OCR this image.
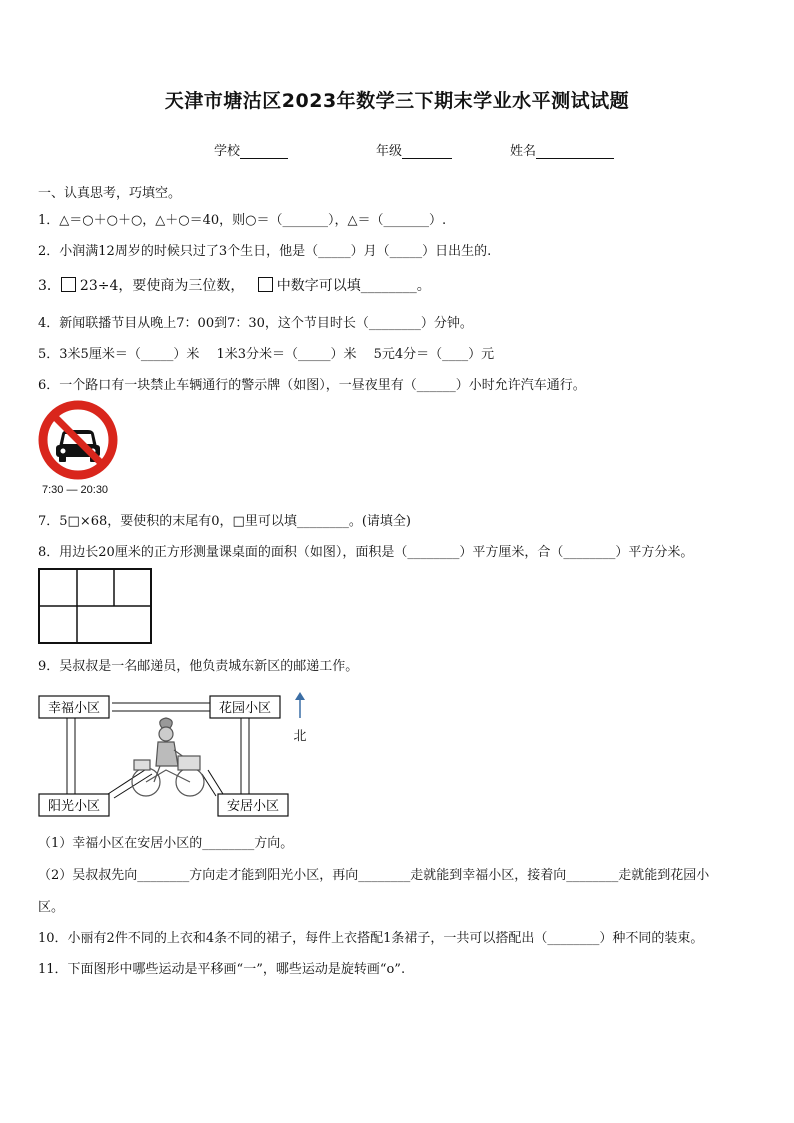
天津市塘沽区2023年数学三下期末学业水平测试试题
学校	年级	姓名
一、认真思考，巧填空。
1．△＝○＋○＋○，△＋○＝40，则○＝（_______），△＝（_______）.
2．小润满12周岁的时候只过了3个生日，他是（_____）月（_____）日出生的.
3． 23÷4，要使商为三位数， 中数字可以填________。
4．新闻联播节目从晚上7：00到7：30，这个节目时长（________）分钟。
5．3米5厘米＝（_____）米　 1米3分米＝（_____）米　 5元4分＝（____）元
6．一个路口有一块禁止车辆通行的警示牌（如图），一昼夜里有（______）小时允许汽车通行。
7:30 — 20:30
7．5□×68，要使积的末尾有0，□里可以填________。(请填全)
8．用边长20厘米的正方形测量课桌面的面积（如图），面积是（________）平方厘米，合（________）平方分米。
9．吴叔叔是一名邮递员，他负责城东新区的邮递工作。
幸福小区	花园小区
阳光小区	安居小区
北
（1）幸福小区在安居小区的________方向。
（2）吴叔叔先向________方向走才能到阳光小区，再向________走就能到幸福小区，接着向________走就能到花园小
区。
10．小丽有2件不同的上衣和4条不同的裙子，每件上衣搭配1条裙子，一共可以搭配出（________）种不同的装束。
11．下面图形中哪些运动是平移画“一”，哪些运动是旋转画“o”.
